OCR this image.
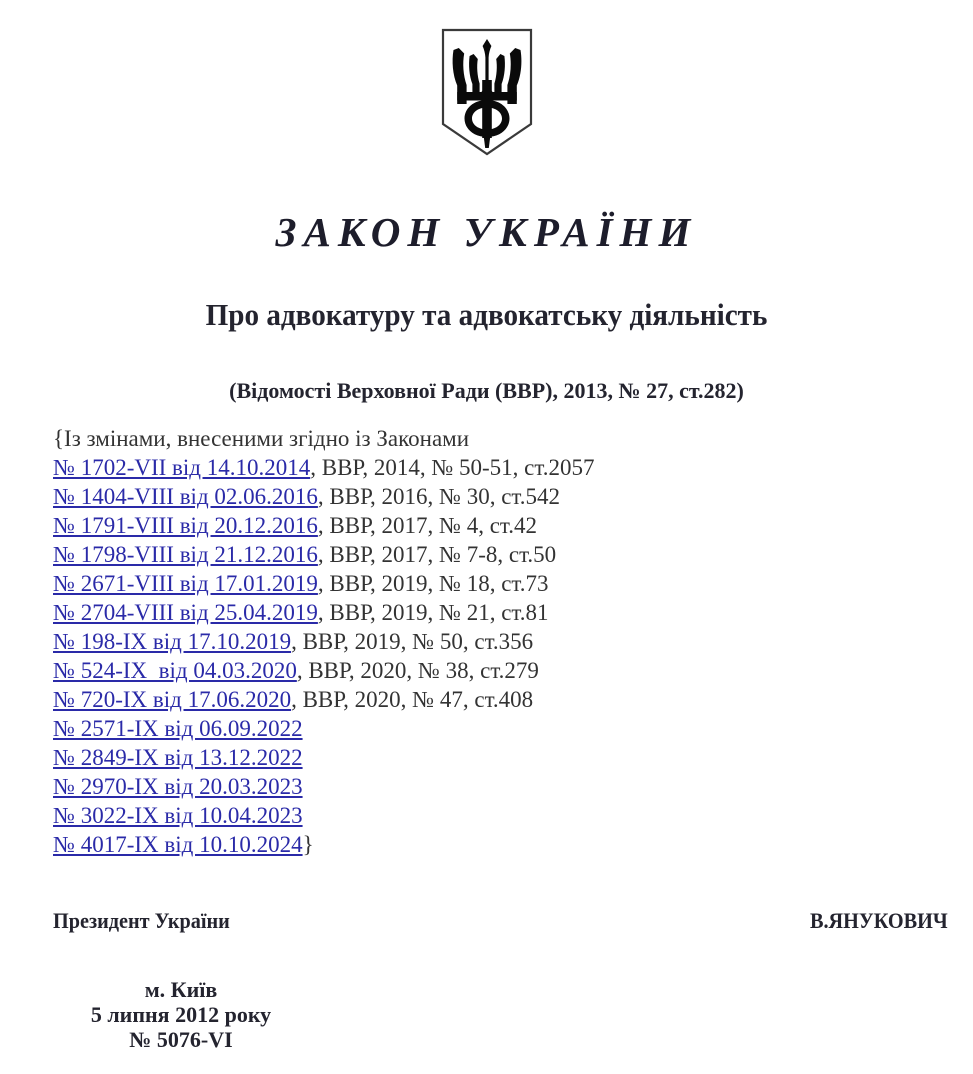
ЗАКОН УКРАЇНИ
Про адвокатуру та адвокатську діяльність
(Відомості Верховної Ради (ВВР), 2013, № 27, ст.282)
{Із змінами, внесеними згідно із Законами
№ 1702-VII від 14.10.2014, ВВР, 2014, № 50-51, ст.2057
№ 1404-VIII від 02.06.2016, ВВР, 2016, № 30, ст.542
№ 1791-VIII від 20.12.2016, ВВР, 2017, № 4, ст.42
№ 1798-VIII від 21.12.2016, ВВР, 2017, № 7-8, ст.50
№ 2671-VIII від 17.01.2019, ВВР, 2019, № 18, ст.73
№ 2704-VIII від 25.04.2019, ВВР, 2019, № 21, ст.81
№ 198-IX від 17.10.2019, ВВР, 2019, № 50, ст.356
№ 524-IX  від 04.03.2020, ВВР, 2020, № 38, ст.279
№ 720-IX від 17.06.2020, ВВР, 2020, № 47, ст.408
№ 2571-IX від 06.09.2022
№ 2849-IX від 13.12.2022
№ 2970-IX від 20.03.2023
№ 3022-IX від 10.04.2023
№ 4017-IX від 10.10.2024}
Президент України	В.ЯНУКОВИЧ
м. Київ
5 липня 2012 року
№ 5076-VI
